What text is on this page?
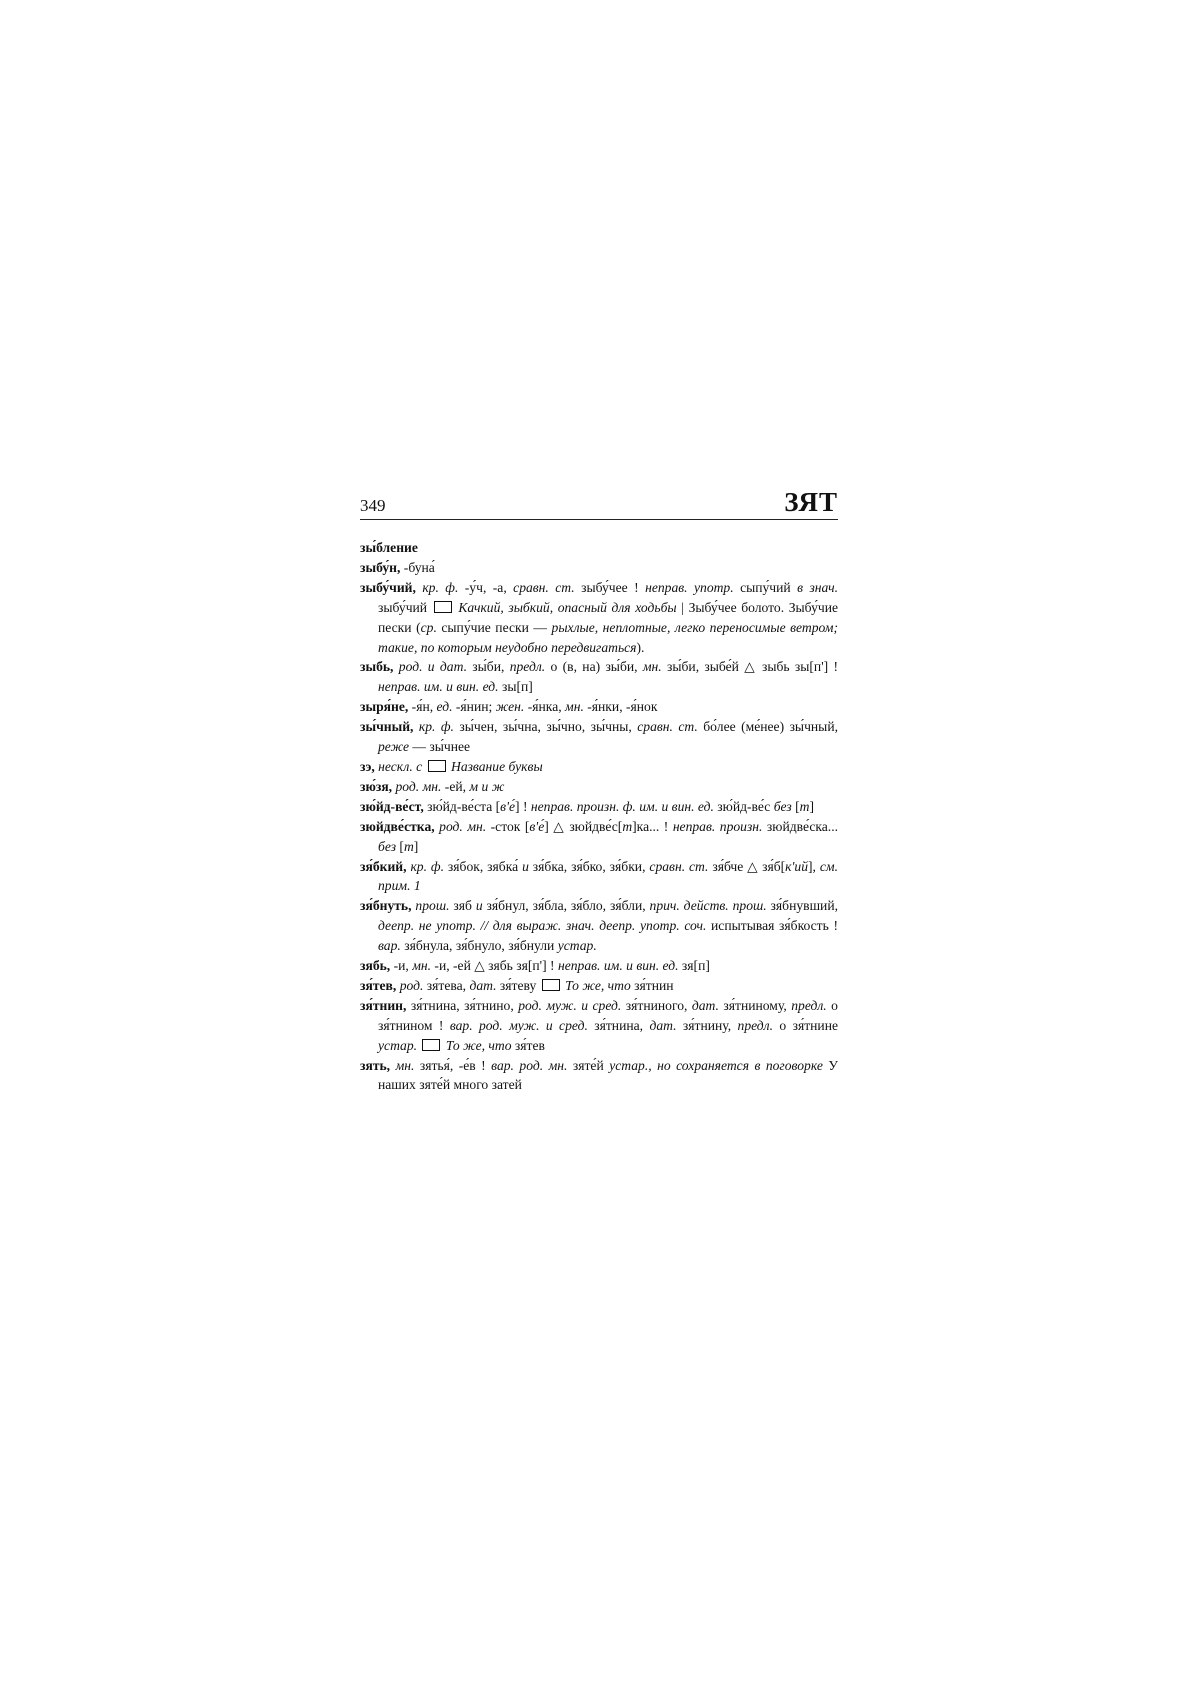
349	ЗЯТ
зы́бление
зыбу́н, -буна́
зыбу́чий, кр. ф. -у́ч, -а, сравн. ст. зыбу́чее ! неправ. употр. сыпу́чий в знач. зыбу́чий  Качкий, зыбкий, опасный для ходьбы | Зыбу́чее болото. Зыбу́чие пески (ср. сыпу́чие пески — рыхлые, неплотные, легко переносимые ветром; такие, по которым неудобно передвигаться).
зыбь, род. и дат. зы́би, предл. о (в, на) зы́би, мн. зы́би, зыбе́й △ зыбь зы[п'] ! неправ. им. и вин. ед. зы[п]
зыря́не, -я́н, ед. -я́нин; жен. -я́нка, мн. -я́нки, -я́нок
зы́чный, кр. ф. зы́чен, зы́чна, зы́чно, зы́чны, сравн. ст. бо́лее (ме́нее) зы́чный, реже — зы́чнее
зэ, нескл. с Название буквы
зю́зя, род. мн. -ей, м и ж
зю́йд-ве́ст, зю́йд-ве́ста [в'е́] ! неправ. произн. ф. им. и вин. ед. зю́йд-ве́с без [т]
зюйдве́стка, род. мн. -сток [в'е́] △ зюйдве́с[т]ка... ! неправ. произн. зюйдве́ска... без [т]
зя́бкий, кр. ф. зя́бок, зябка́ и зя́бка, зя́бко, зя́бки, сравн. ст. зя́бче △ зя́б[к'ий], см. прим. 1
зя́бнуть, прош. зяб и зя́бнул, зя́бла, зя́бло, зя́бли, прич. действ. прош. зя́бнувший, деепр. не употр. // для выраж. знач. деепр. употр. соч. испытывая зя́бкость ! вар. зя́бнула, зя́бнуло, зя́бнули устар.
зябь, -и, мн. -и, -ей △ зябь зя[п'] ! неправ. им. и вин. ед. зя[п]
зя́тев, род. зя́тева, дат. зя́теву  То же, что зя́тнин
зя́тнин, зя́тнина, зя́тнино, род. муж. и сред. зя́тниного, дат. зя́тниному, предл. о зя́тнином ! вар. род. муж. и сред. зя́тнина, дат. зя́тнину, предл. о зя́тнине устар. То же, что зя́тев
зять, мн. зятья́, -е́в ! вар. род. мн. зяте́й устар., но сохраняется в поговорке У наших зяте́й много затей
